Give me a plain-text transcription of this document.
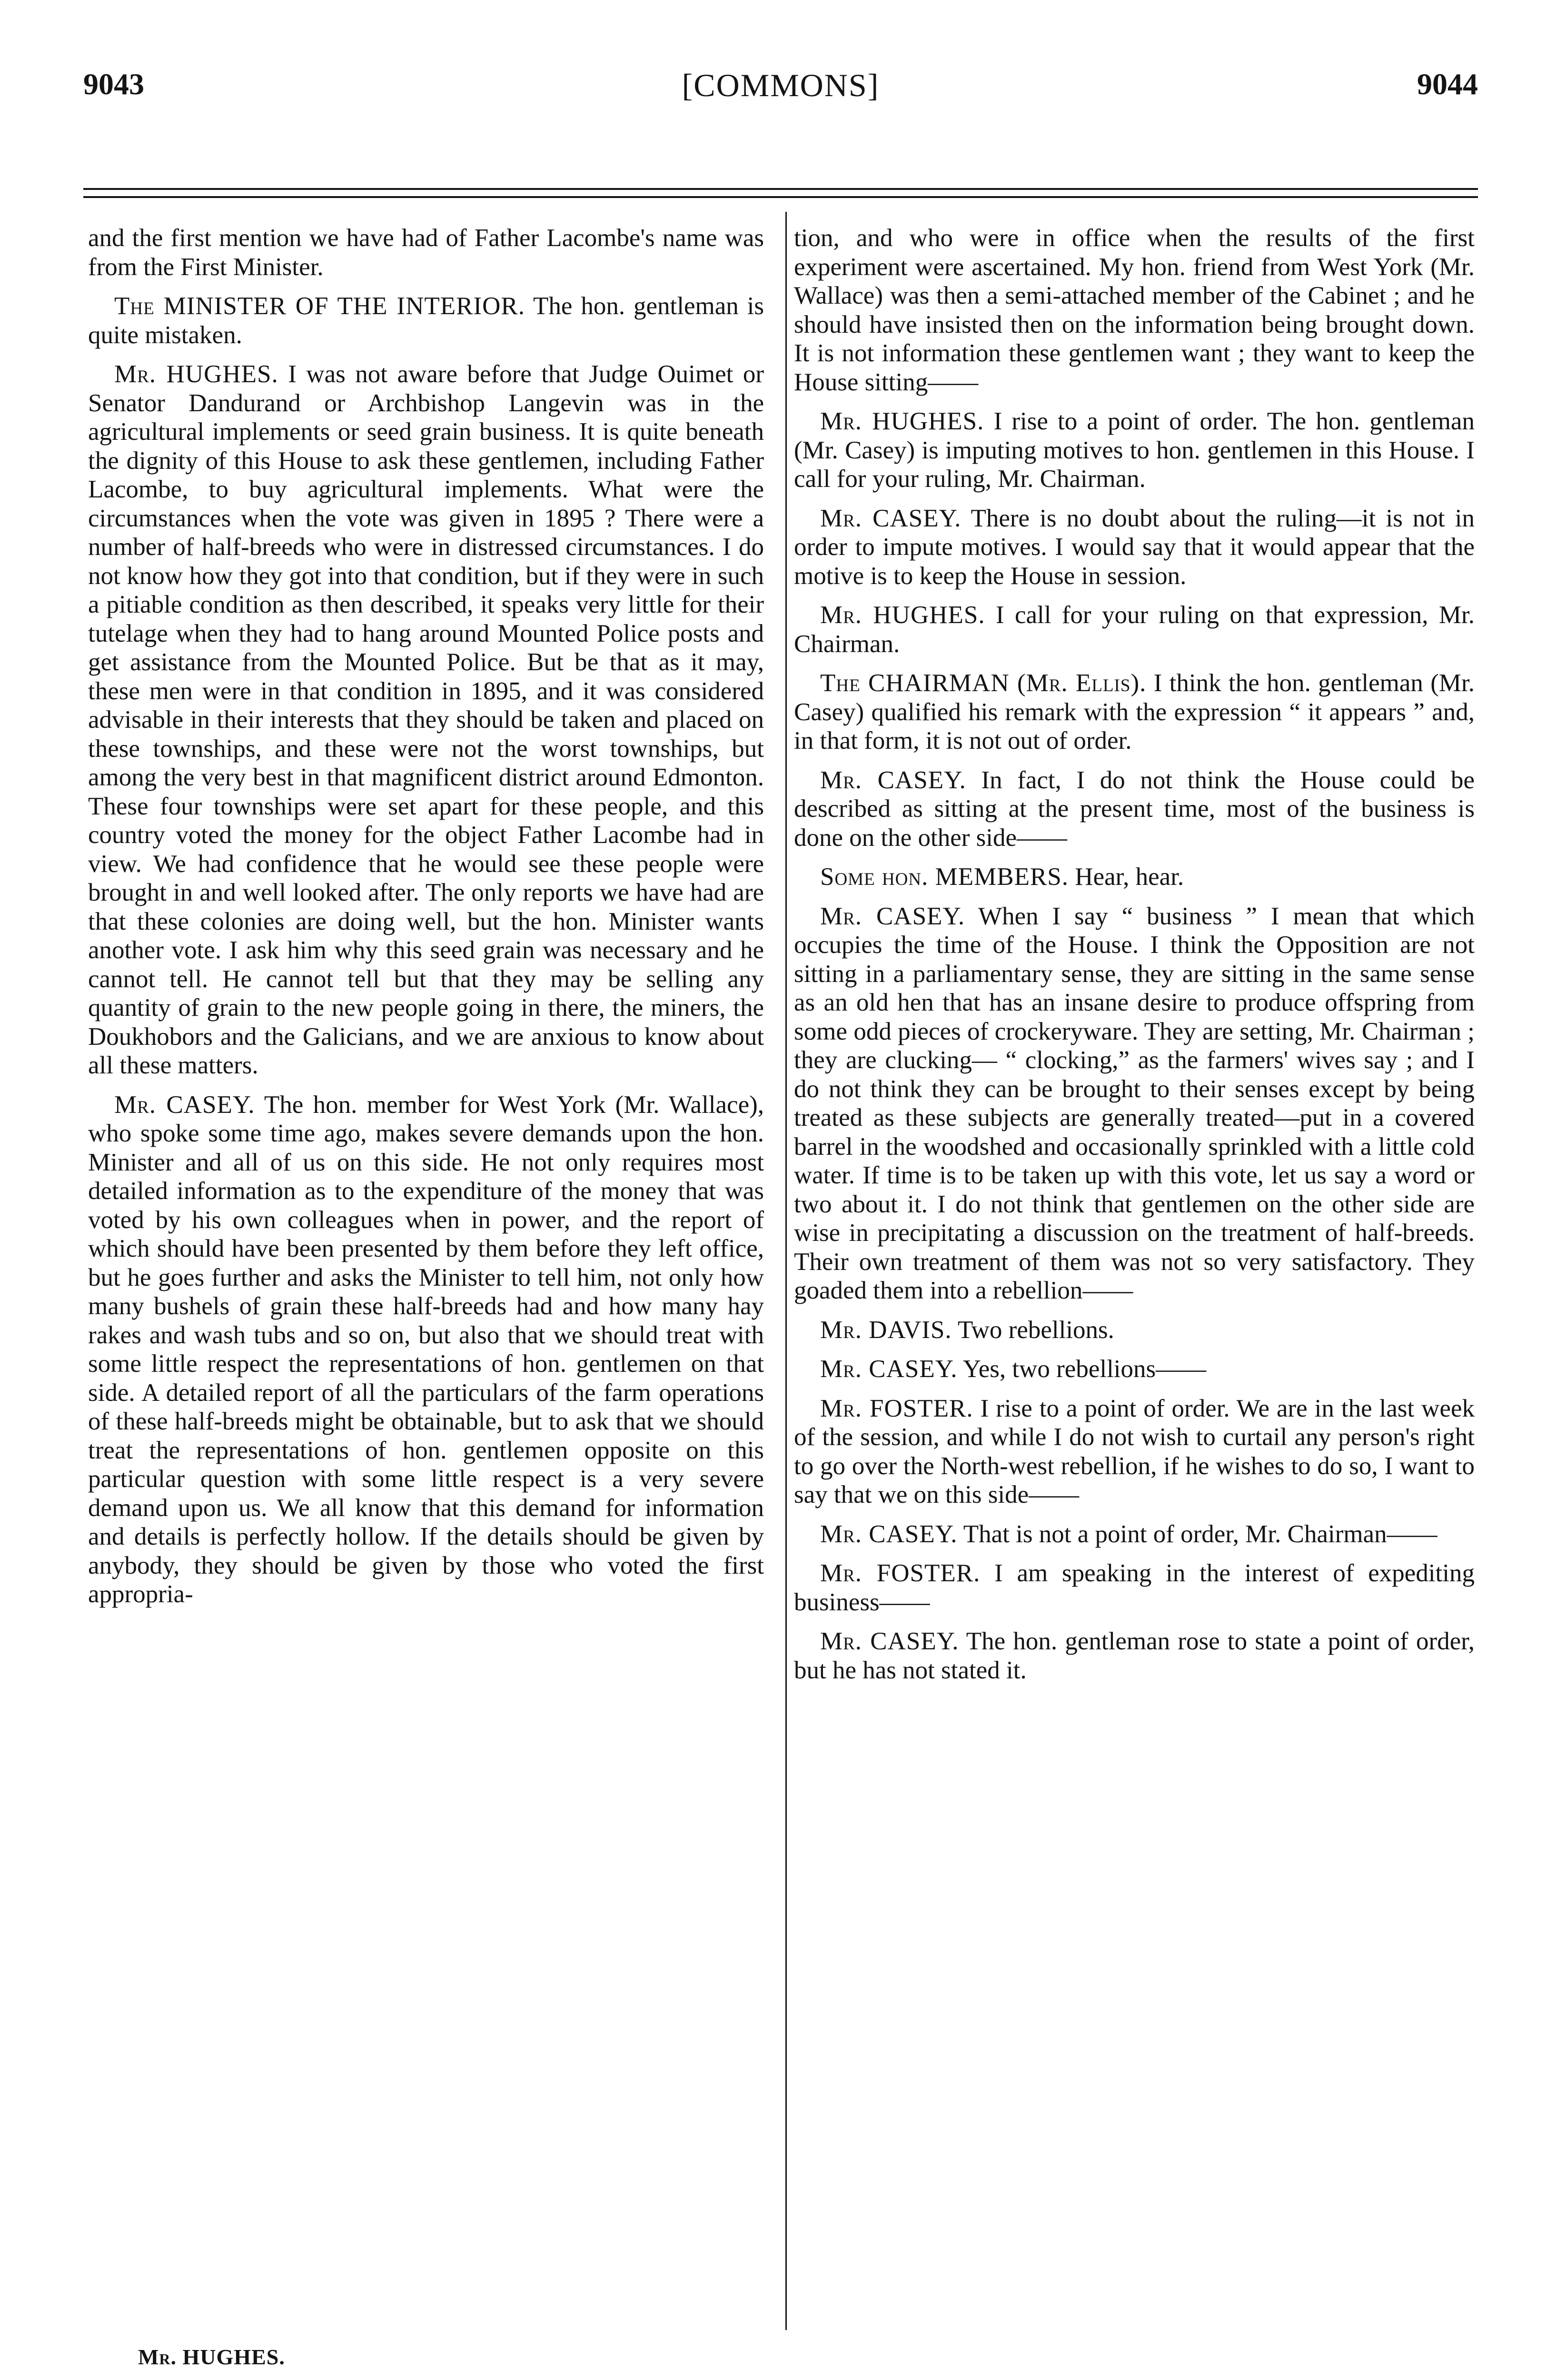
9043	[COMMONS]	9044

and the first mention we have had of Father Lacombe's name was from the First Minister.

The MINISTER OF THE INTERIOR. The hon. gentleman is quite mistaken.

Mr. HUGHES. I was not aware before that Judge Ouimet or Senator Dandurand or Archbishop Langevin was in the agricultural implements or seed grain business. It is quite beneath the dignity of this House to ask these gentlemen, including Father Lacombe, to buy agricultural implements. What were the circumstances when the vote was given in 1895 ? There were a number of half-breeds who were in distressed circumstances. I do not know how they got into that condition, but if they were in such a pitiable condition as then described, it speaks very little for their tutelage when they had to hang around Mounted Police posts and get assistance from the Mounted Police. But be that as it may, these men were in that condition in 1895, and it was considered advisable in their interests that they should be taken and placed on these townships, and these were not the worst townships, but among the very best in that magnificent district around Edmonton. These four townships were set apart for these people, and this country voted the money for the object Father Lacombe had in view. We had confidence that he would see these people were brought in and well looked after. The only reports we have had are that these colonies are doing well, but the hon. Minister wants another vote. I ask him why this seed grain was necessary and he cannot tell. He cannot tell but that they may be selling any quantity of grain to the new people going in there, the miners, the Doukhobors and the Galicians, and we are anxious to know about all these matters.

Mr. CASEY. The hon. member for West York (Mr. Wallace), who spoke some time ago, makes severe demands upon the hon. Minister and all of us on this side. He not only requires most detailed information as to the expenditure of the money that was voted by his own colleagues when in power, and the report of which should have been presented by them before they left office, but he goes further and asks the Minister to tell him, not only how many bushels of grain these half-breeds had and how many hay rakes and wash tubs and so on, but also that we should treat with some little respect the representations of hon. gentlemen on that side. A detailed report of all the particulars of the farm operations of these half-breeds might be obtainable, but to ask that we should treat the representations of hon. gentlemen opposite on this particular question with some little respect is a very severe demand upon us. We all know that this demand for information and details is perfectly hollow. If the details should be given by anybody, they should be given by those who voted the first appropria-

tion, and who were in office when the results of the first experiment were ascertained. My hon. friend from West York (Mr. Wallace) was then a semi-attached member of the Cabinet ; and he should have insisted then on the information being brought down. It is not information these gentlemen want ; they want to keep the House sitting——

Mr. HUGHES. I rise to a point of order. The hon. gentleman (Mr. Casey) is imputing motives to hon. gentlemen in this House. I call for your ruling, Mr. Chairman.

Mr. CASEY. There is no doubt about the ruling—it is not in order to impute motives. I would say that it would appear that the motive is to keep the House in session.

Mr. HUGHES. I call for your ruling on that expression, Mr. Chairman.

The CHAIRMAN (Mr. Ellis). I think the hon. gentleman (Mr. Casey) qualified his remark with the expression “ it appears ” and, in that form, it is not out of order.

Mr. CASEY. In fact, I do not think the House could be described as sitting at the present time, most of the business is done on the other side——

Some hon. MEMBERS. Hear, hear.

Mr. CASEY. When I say “ business ” I mean that which occupies the time of the House. I think the Opposition are not sitting in a parliamentary sense, they are sitting in the same sense as an old hen that has an insane desire to produce offspring from some odd pieces of crockeryware. They are setting, Mr. Chairman ; they are clucking— “ clocking,” as the farmers' wives say ; and I do not think they can be brought to their senses except by being treated as these subjects are generally treated—put in a covered barrel in the woodshed and occasionally sprinkled with a little cold water. If time is to be taken up with this vote, let us say a word or two about it. I do not think that gentlemen on the other side are wise in precipitating a discussion on the treatment of half-breeds. Their own treatment of them was not so very satisfactory. They goaded them into a rebellion——

Mr. DAVIS. Two rebellions.

Mr. CASEY. Yes, two rebellions——

Mr. FOSTER. I rise to a point of order. We are in the last week of the session, and while I do not wish to curtail any person's right to go over the North-west rebellion, if he wishes to do so, I want to say that we on this side——

Mr. CASEY. That is not a point of order, Mr. Chairman——

Mr. FOSTER. I am speaking in the interest of expediting business——

Mr. CASEY. The hon. gentleman rose to state a point of order, but he has not stated it.

Mr. HUGHES.
